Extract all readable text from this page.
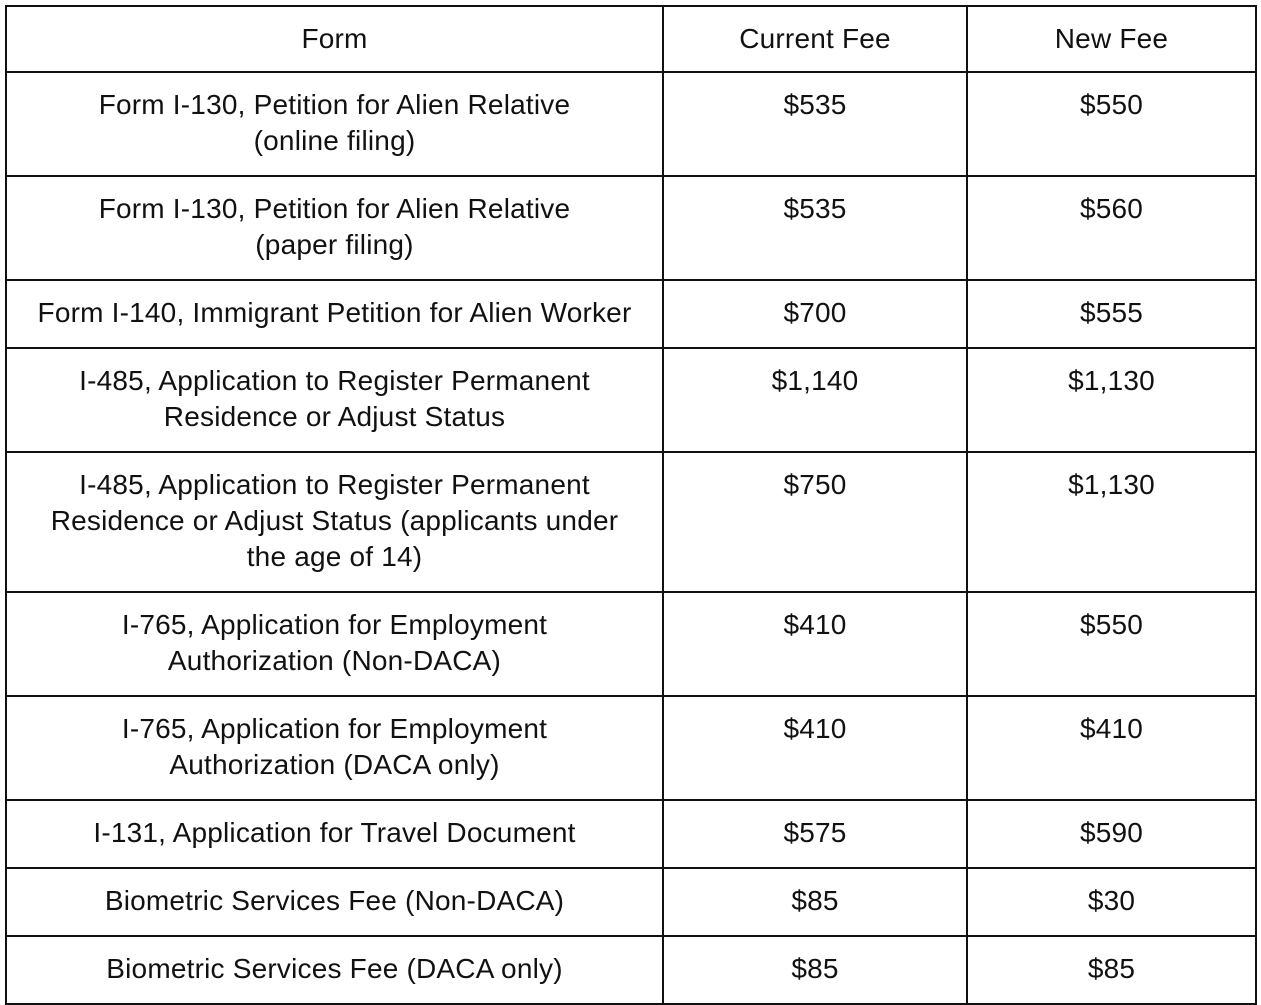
Form	Current Fee	New Fee

Form I-130, Petition for Alien Relative
(online filing)	$535	$550

Form I-130, Petition for Alien Relative
(paper filing)	$535	$560

Form I-140, Immigrant Petition for Alien Worker	$700	$555

I-485, Application to Register Permanent
Residence or Adjust Status	$1,140	$1,130

I-485, Application to Register Permanent
Residence or Adjust Status (applicants under
the age of 14)	$750	$1,130

I-765, Application for Employment
Authorization (Non-DACA)	$410	$550

I-765, Application for Employment
Authorization (DACA only)	$410	$410

I-131, Application for Travel Document	$575	$590

Biometric Services Fee (Non-DACA)	$85	$30

Biometric Services Fee (DACA only)	$85	$85
